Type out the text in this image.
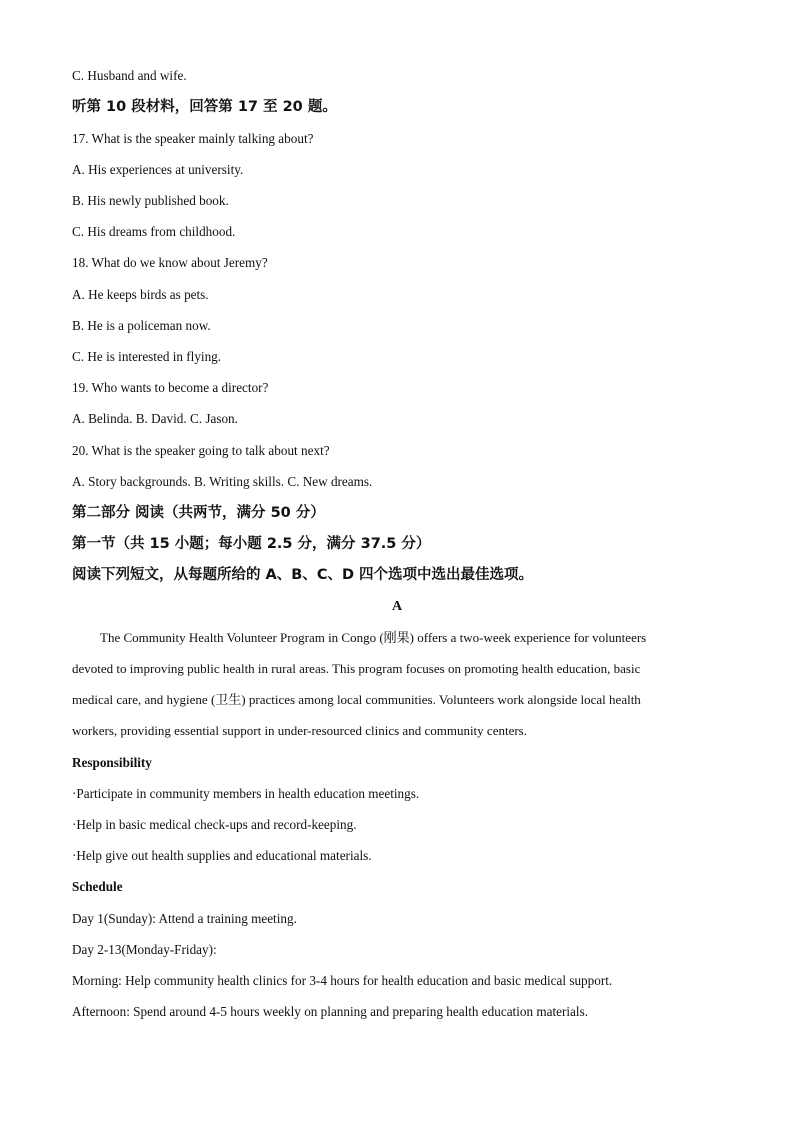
C. Husband and wife.
听第 10 段材料，回答第 17 至 20 题。
17. What is the speaker mainly talking about?
A. His experiences at university.
B. His newly published book.
C. His dreams from childhood.
18. What do we know about Jeremy?
A. He keeps birds as pets.
B. He is a policeman now.
C. He is interested in flying.
19. Who wants to become a director?
A. Belinda. B. David. C. Jason.
20. What is the speaker going to talk about next?
A. Story backgrounds. B. Writing skills. C. New dreams.
第二部分 阅读（共两节，满分 50 分）
第一节（共 15 小题；每小题 2.5 分，满分 37.5 分）
阅读下列短文，从每题所给的 A、B、C、D 四个选项中选出最佳选项。
A
The Community Health Volunteer Program in Congo (刚果) offers a two-week experience for volunteers
devoted to improving public health in rural areas. This program focuses on promoting health education, basic
medical care, and hygiene (卫生) practices among local communities. Volunteers work alongside local health
workers, providing essential support in under-resourced clinics and community centers.
Responsibility
·Participate in community members in health education meetings.
·Help in basic medical check-ups and record-keeping.
·Help give out health supplies and educational materials.
Schedule
Day 1(Sunday): Attend a training meeting.
Day 2-13(Monday-Friday):
Morning: Help community health clinics for 3-4 hours for health education and basic medical support.
Afternoon: Spend around 4-5 hours weekly on planning and preparing health education materials.
